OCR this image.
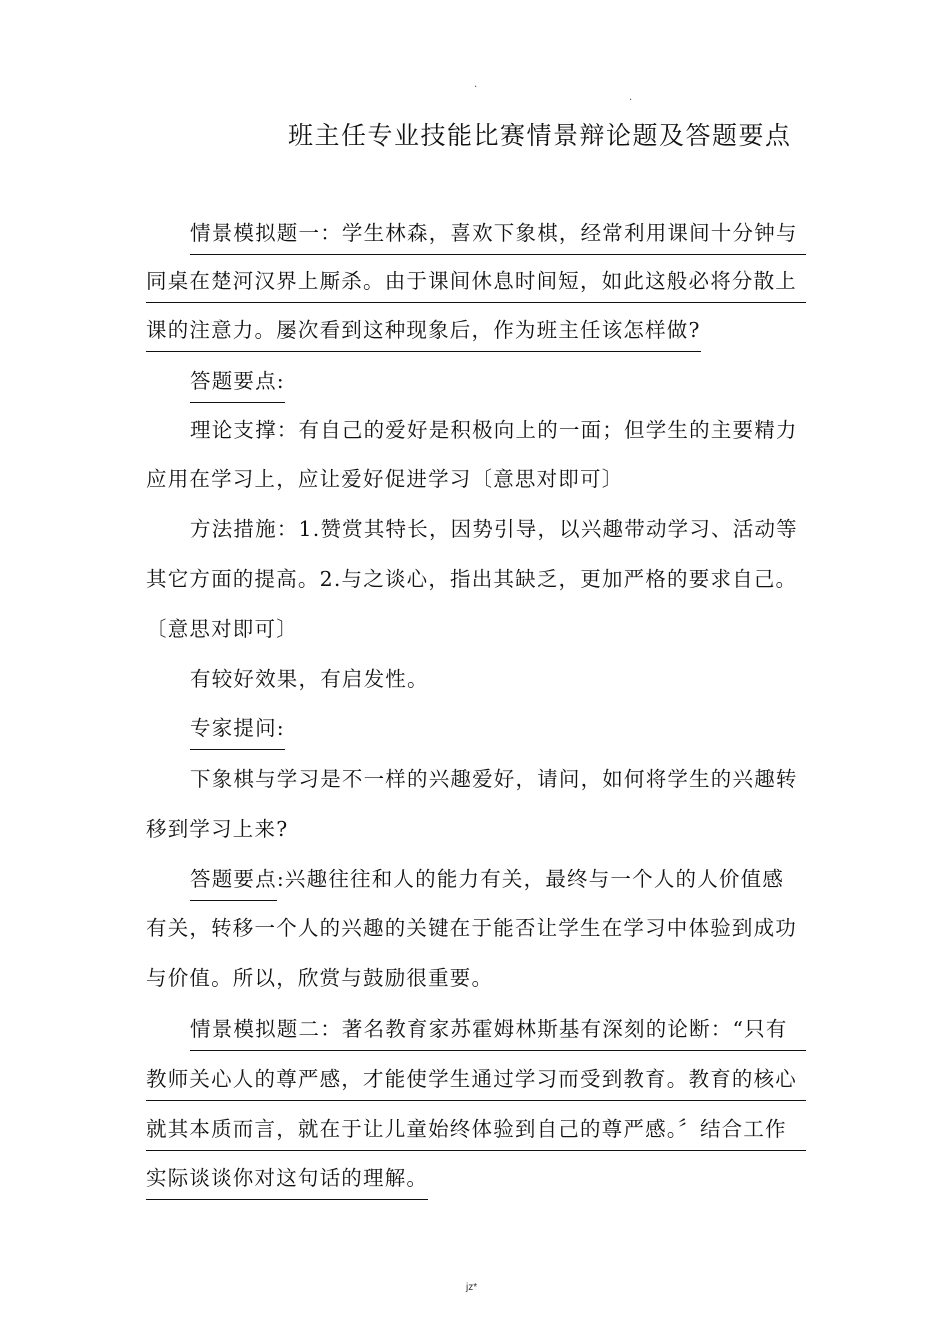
.
.
班主任专业技能比赛情景辩论题及答题要点
情景模拟题一：学生林森，喜欢下象棋，经常利用课间十分钟与
同桌在楚河汉界上厮杀。由于课间休息时间短，如此这般必将分散上
课的注意力。屡次看到这种现象后，作为班主任该怎样做?
答题要点:
理论支撑：有自己的爱好是积极向上的一面；但学生的主要精力
应用在学习上，应让爱好促进学习〔意思对即可〕
方法措施：1.赞赏其特长，因势引导，以兴趣带动学习、活动等
其它方面的提高。2.与之谈心，指出其缺乏，更加严格的要求自己。
〔意思对即可〕
有较好效果，有启发性。
专家提问:
下象棋与学习是不一样的兴趣爱好，请问，如何将学生的兴趣转
移到学习上来?
答题要点:兴趣往往和人的能力有关，最终与一个人的人价值感
有关，转移一个人的兴趣的关键在于能否让学生在学习中体验到成功
与价值。所以，欣赏与鼓励很重要。
情景模拟题二：著名教育家苏霍姆林斯基有深刻的论断：“只有
教师关心人的尊严感，才能使学生通过学习而受到教育。教育的核心
就其本质而言，就在于让儿童始终体验到自己的尊严感。〞结合工作
实际谈谈你对这句话的理解。
jz*
